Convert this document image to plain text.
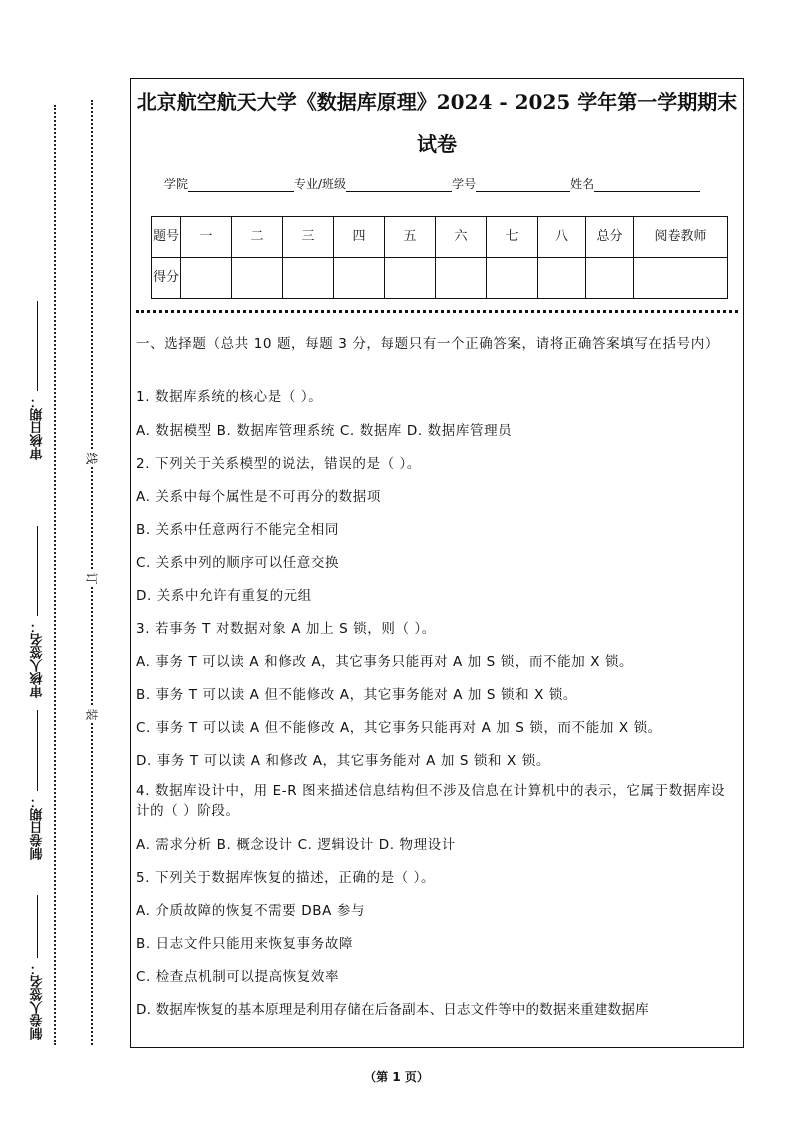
审核日期：
审核人签名：
制卷日期：
制卷人签名：
线
订
装
北京航空航天大学《数据库原理》2024 - 2025 学年第一学期期末
试卷
学院	专业/班级	学号	姓名
题号	一	二	三	四	五	六	七	八	总分	阅卷教师
得分										
一、选择题（总共 10 题，每题 3 分，每题只有一个正确答案，请将正确答案填写在括号内）
1. 数据库系统的核心是（ ）。
A. 数据模型 B. 数据库管理系统 C. 数据库 D. 数据库管理员
2. 下列关于关系模型的说法，错误的是（ ）。
A. 关系中每个属性是不可再分的数据项
B. 关系中任意两行不能完全相同
C. 关系中列的顺序可以任意交换
D. 关系中允许有重复的元组
3. 若事务 T 对数据对象 A 加上 S 锁，则（ ）。
A. 事务 T 可以读 A 和修改 A，其它事务只能再对 A 加 S 锁，而不能加 X 锁。
B. 事务 T 可以读 A 但不能修改 A，其它事务能对 A 加 S 锁和 X 锁。
C. 事务 T 可以读 A 但不能修改 A，其它事务只能再对 A 加 S 锁，而不能加 X 锁。
D. 事务 T 可以读 A 和修改 A，其它事务能对 A 加 S 锁和 X 锁。
4. 数据库设计中，用 E-R 图来描述信息结构但不涉及信息在计算机中的表示，它属于数据库设计的（ ）阶段。
A. 需求分析 B. 概念设计 C. 逻辑设计 D. 物理设计
5. 下列关于数据库恢复的描述，正确的是（ ）。
A. 介质故障的恢复不需要 DBA 参与
B. 日志文件只能用来恢复事务故障
C. 检查点机制可以提高恢复效率
D. 数据库恢复的基本原理是利用存储在后备副本、日志文件等中的数据来重建数据库
（第 1 页）
